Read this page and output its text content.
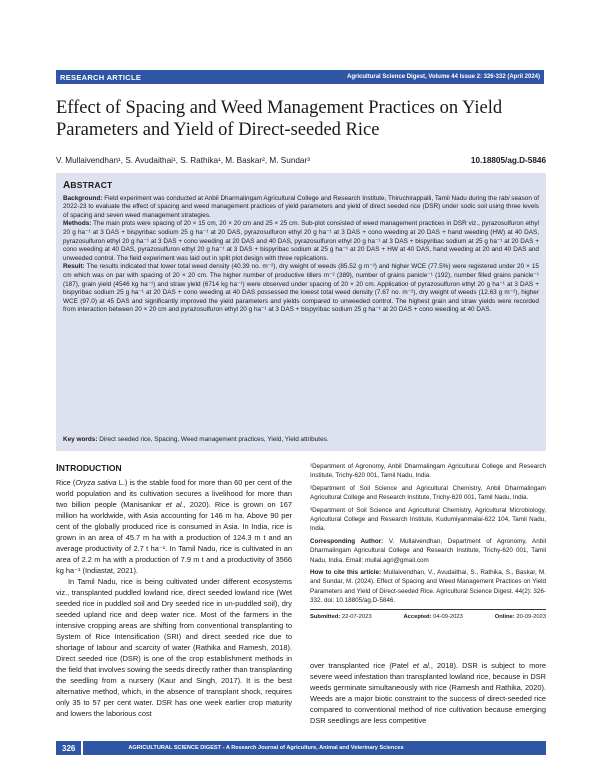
RESEARCH ARTICLE	Agricultural Science Digest, Volume 44 Issue 2: 326-332 (April 2024)
Effect of Spacing and Weed Management Practices on Yield Parameters and Yield of Direct-seeded Rice
V. Mullaivendhan¹, S. Avudaithai¹, S. Rathika¹, M. Baskar², M. Sundar³	10.18805/ag.D-5846
ABSTRACT

Background: Field experiment was conducted at Anbil Dharmalingam Agricultural College and Research Institute, Thiruchirappalli, Tamil Nadu during the rabi season of 2022-23 to evaluate the effect of spacing and weed management practices of yield parameters and yield of direct seeded rice (DSR) under sodic soil using three levels of spacing and seven weed management strategies.

Methods: The main plots were spacing of 20 × 15 cm, 20 × 20 cm and 25 × 25 cm. Sub-plot consisted of weed management practices in DSR viz., pyrazosulfuron ethyl 20 g ha⁻¹ at 3 DAS + bispyribac sodium 25 g ha⁻¹ at 20 DAS, pyrazosulfuron ethyl 20 g ha⁻¹ at 3 DAS + cono weeding at 20 DAS + hand weeding (HW) at 40 DAS, pyrazosulfuron ethyl 20 g ha⁻¹ at 3 DAS + cono weeding at 20 DAS and 40 DAS, pyrazosulfuron ethyl 20 g ha⁻¹ at 3 DAS + bispyribac sodium at 25 g ha⁻¹ at 20 DAS + cono weeding at 40 DAS, pyrazosulfuron ethyl 20 g ha⁻¹ at 3 DAS + bispyribac sodium at 25 g ha⁻¹ at 20 DAS + HW at 40 DAS, hand weeding at 20 and 40 DAS and unweeded control. The field experiment was laid out in split plot design with three replications.

Result: The results indicated that lower total weed density (40.39 no. m⁻²), dry weight of weeds (85.52 g m⁻²) and higher WCE (77.5%) were registered under 20 × 15 cm which was on par with spacing of 20 × 20 cm. The higher number of productive tillers m⁻² (389), number of grains panicle⁻¹ (192), number filled grains panicle⁻¹ (187), grain yield (4546 kg ha⁻¹) and straw yield (6714 kg ha⁻¹) were observed under spacing of 20 × 20 cm. Application of pyrazosulfuron ethyl 20 g ha⁻¹ at 3 DAS + bispyribac sodium 25 g ha⁻¹ at 20 DAS + cono weeding at 40 DAS possessed the lowest total weed density (7.67 no. m⁻²), dry weight of weeds (12.63 g m⁻²), higher WCE (97.0) at 45 DAS and significantly improved the yield parameters and yields compared to unweeded control. The highest grain and straw yields were recorded from interaction between 20 × 20 cm and pyrazosulfuron ethyl 20 g ha⁻¹ at 3 DAS + bispyribac sodium 25 g ha⁻¹ at 20 DAS + cono weeding at 40 DAS.

Key words: Direct seeded rice, Spacing, Weed management practices, Yield, Yield attributes.
INTRODUCTION

Rice (Oryza sativa L.) is the stable food for more than 60 per cent of the world population and its cultivation secures a livelihood for more than two billion people (Manisankar et al., 2020). Rice is grown on 167 million ha worldwide, with Asia accounting for 146 m ha. Above 90 per cent of the globally produced rice is consumed in Asia. In India, rice is grown in an area of 45.7 m ha with a production of 124.3 m t and an average productivity of 2.7 t ha⁻¹. In Tamil Nadu, rice is cultivated in an area of 2.2 m ha with a production of 7.9 m t and a productivity of 3566 kg ha⁻¹ (Indiastat, 2021).

In Tamil Nadu, rice is being cultivated under different ecosystems viz., transplanted puddled lowland rice, direct seeded lowland rice (Wet seeded rice in puddled soil and Dry seeded rice in un-puddled soil), dry seeded upland rice and deep water rice. Most of the farmers in the intensive cropping areas are shifting from conventional transplanting to System of Rice Intensification (SRI) and direct seeded rice due to shortage of labour and scarcity of water (Rathika and Ramesh, 2018). Direct seeded rice (DSR) is one of the crop establishment methods in the field that involves sowing the seeds directly rather than transplanting the seedling from a nursery (Kaur and Singh, 2017). It is the best alternative method, which, in the absence of transplant shock, requires only 35 to 57 per cent water. DSR has one week earlier crop maturity and lowers the laborious cost

¹Department of Agronomy, Anbil Dharmalingam Agricultural College and Research Institute, Trichy-620 001, Tamil Nadu, India.

²Department of Soil Science and Agricultural Chemistry, Anbil Dharmalingam Agricultural College and Research Institute, Trichy-620 001, Tamil Nadu, India.

³Department of Soil Science and Agricultural Chemistry, Agricultural Microbiology, Agricultural College and Research Institute, Kudumiyanmalai-622 104, Tamil Nadu, India.

Corresponding Author: V. Mullaivendhan, Department of Agronomy, Anbil Dharmalingam Agricultural College and Research Institute, Trichy-620 001, Tamil Nadu, India. Email: mullai.agri@gmail.com

How to cite this article: Mullaivendhan, V., Avudaithai, S., Rathika, S., Baskar, M. and Sundar, M. (2024). Effect of Spacing and Weed Management Practices on Yield Parameters and Yield of Direct-seeded Rice. Agricultural Science Digest. 44(2): 326-332. doi: 10.18805/ag.D-5846.

Submitted: 22-07-2023	Accepted: 04-09-2023	Online: 20-09-2023
over transplanted rice (Patel et al., 2018). DSR is subject to more severe weed infestation than transplanted lowland rice, because in DSR weeds germinate simultaneously with rice (Ramesh and Rathika, 2020). Weeds are a major biotic constraint to the success of direct-seeded rice compared to conventional method of rice cultivation because emerging DSR seedlings are less competitive
326	AGRICULTURAL SCIENCE DIGEST - A Research Journal of Agriculture, Animal and Veterinary Sciences
